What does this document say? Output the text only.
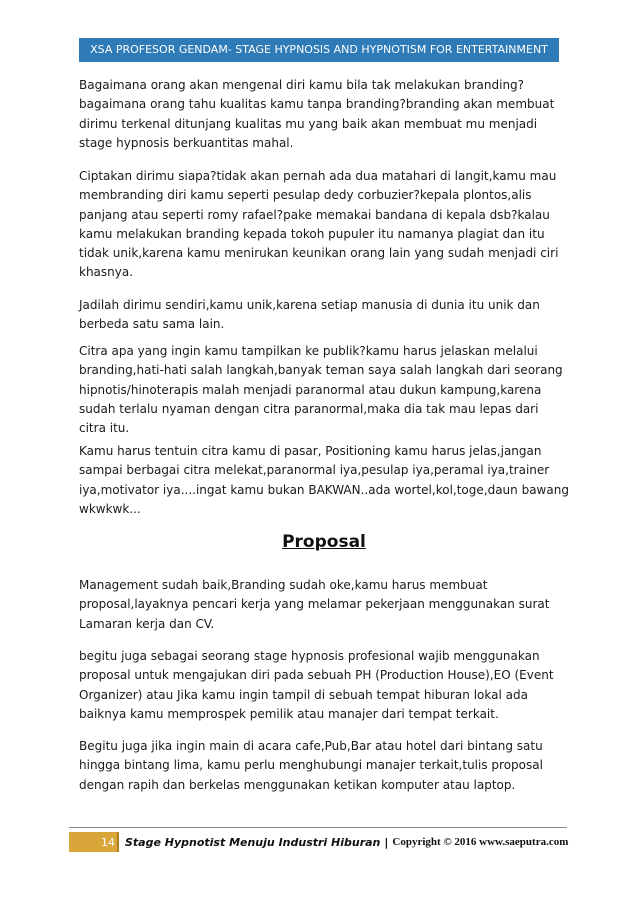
XSA PROFESOR GENDAM- STAGE HYPNOSIS AND HYPNOTISM FOR ENTERTAINMENT

Bagaimana orang akan mengenal diri kamu bila tak melakukan branding?bagaimana orang tahu kualitas kamu tanpa branding?branding akan membuat dirimu terkenal ditunjang kualitas mu yang baik akan membuat mu menjadi stage hypnosis berkuantitas mahal.

Ciptakan dirimu siapa?tidak akan pernah ada dua matahari di langit,kamu mau membranding diri kamu seperti pesulap dedy corbuzier?kepala plontos,alis panjang atau seperti romy rafael?pake memakai bandana di kepala dsb?kalau kamu melakukan branding kepada tokoh pupuler itu namanya plagiat dan itu tidak unik,karena kamu menirukan keunikan orang lain yang sudah menjadi ciri khasnya.

Jadilah dirimu sendiri,kamu unik,karena setiap manusia di dunia itu unik dan berbeda satu sama lain.

Citra apa yang ingin kamu tampilkan ke publik?kamu harus jelaskan melalui branding,hati-hati salah langkah,banyak teman saya salah langkah dari seorang hipnotis/hinoterapis malah menjadi paranormal atau dukun kampung,karena sudah terlalu nyaman dengan citra paranormal,maka dia tak mau lepas dari citra itu.

Kamu harus tentuin citra kamu di pasar, Positioning kamu harus jelas,jangan sampai berbagai citra melekat,paranormal iya,pesulap iya,peramal iya,trainer iya,motivator iya....ingat kamu bukan BAKWAN..ada wortel,kol,toge,daun bawang wkwkwk...

Proposal

Management sudah baik,Branding sudah oke,kamu harus membuat proposal,layaknya pencari kerja yang melamar pekerjaan menggunakan surat Lamaran kerja dan CV.

begitu juga sebagai seorang stage hypnosis profesional wajib menggunakan proposal untuk mengajukan diri pada sebuah PH (Production House),EO (Event Organizer) atau Jika kamu ingin tampil di sebuah tempat hiburan lokal ada baiknya kamu memprospek pemilik atau manajer dari tempat terkait.

Begitu juga jika ingin main di acara cafe,Pub,Bar atau hotel dari bintang satu hingga bintang lima, kamu perlu menghubungi manajer terkait,tulis proposal dengan rapih dan berkelas menggunakan ketikan komputer atau laptop.

14 Stage Hypnotist Menuju Industri Hiburan | Copyright © 2016 www.saeputra.com
